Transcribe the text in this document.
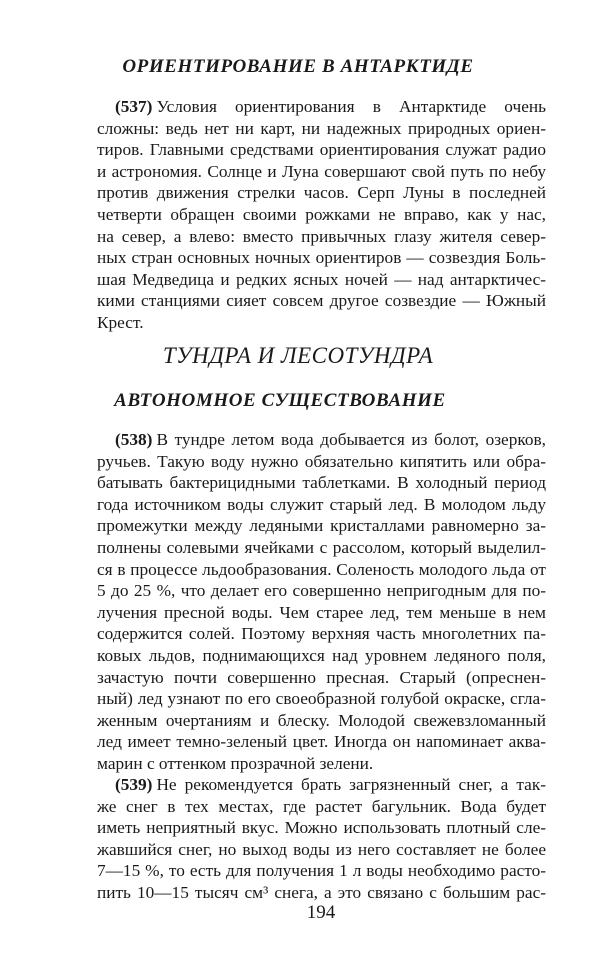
ОРИЕНТИРОВАНИЕ В АНТАРКТИДЕ
(537) Условия ориентирования в Антарктиде очень
сложны: ведь нет ни карт, ни надежных природных ориен-
тиров. Главными средствами ориентирования служат радио
и астрономия. Солнце и Луна совершают свой путь по небу
против движения стрелки часов. Серп Луны в последней
четверти обращен своими рожками не вправо, как у нас,
на север, а влево: вместо привычных глазу жителя север-
ных стран основных ночных ориентиров — созвездия Боль-
шая Медведица и редких ясных ночей — над антарктичес-
кими станциями сияет совсем другое созвездие — Южный
Крест.
ТУНДРА И ЛЕСОТУНДРА
АВТОНОМНОЕ СУЩЕСТВОВАНИЕ
(538) В тундре летом вода добывается из болот, озерков,
ручьев. Такую воду нужно обязательно кипятить или обра-
батывать бактерицидными таблетками. В холодный период
года источником воды служит старый лед. В молодом льду
промежутки между ледяными кристаллами равномерно за-
полнены солевыми ячейками с рассолом, который выделил-
ся в процессе льдообразования. Соленость молодого льда от
5 до 25 %, что делает его совершенно непригодным для по-
лучения пресной воды. Чем старее лед, тем меньше в нем
содержится солей. Поэтому верхняя часть многолетних па-
ковых льдов, поднимающихся над уровнем ледяного поля,
зачастую почти совершенно пресная. Старый (опреснен-
ный) лед узнают по его своеобразной голубой окраске, сгла-
женным очертаниям и блеску. Молодой свежевзломанный
лед имеет темно-зеленый цвет. Иногда он напоминает аква-
марин с оттенком прозрачной зелени.
(539) Не рекомендуется брать загрязненный снег, а так-
же снег в тех местах, где растет багульник. Вода будет
иметь неприятный вкус. Можно использовать плотный сле-
жавшийся снег, но выход воды из него составляет не более
7—15 %, то есть для получения 1 л воды необходимо расто-
пить 10—15 тысяч см³ снега, а это связано с большим рас-
194
